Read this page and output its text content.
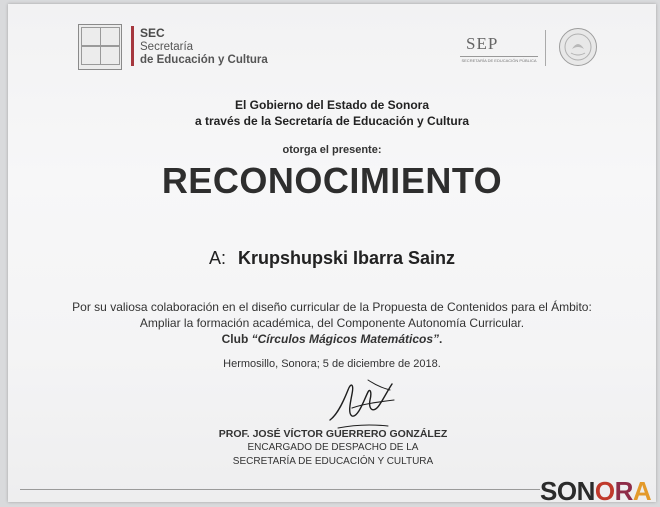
SEC
Secretaría
de Educación y Cultura
SEP
SECRETARÍA DE EDUCACIÓN PÚBLICA
El Gobierno del Estado de Sonora
a través de la Secretaría de Educación y Cultura
otorga el presente:
RECONOCIMIENTO
A: Krupshupski Ibarra Sainz
Por su valiosa colaboración en el diseño curricular de la Propuesta de Contenidos para el Ámbito:
Ampliar la formación académica, del Componente Autonomía Curricular.
Club “Círculos Mágicos Matemáticos”.
Hermosillo, Sonora; 5 de diciembre de 2018.
PROF. JOSÉ VÍCTOR GUERRERO GONZÁLEZ
ENCARGADO DE DESPACHO DE LA
SECRETARÍA DE EDUCACIÓN Y CULTURA
SONORA
